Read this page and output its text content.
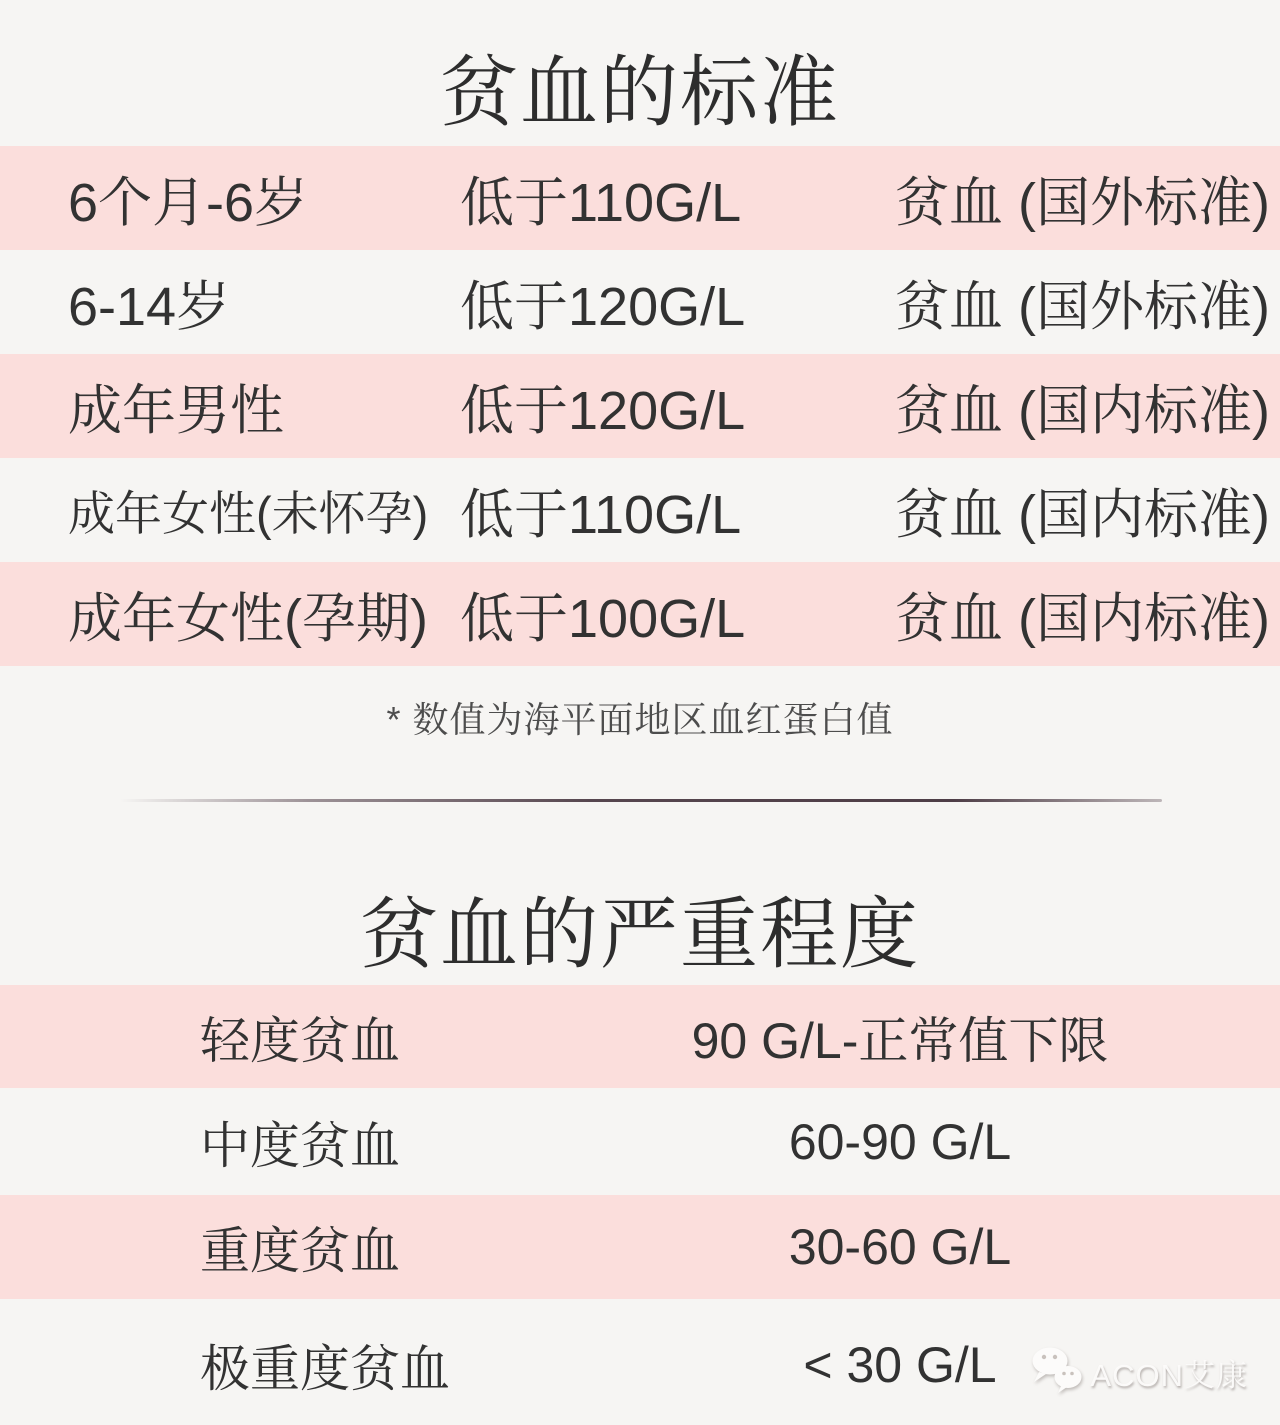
贫血的标准
6个月-6岁	低于110G/L	贫血 (国外标准)
6-14岁	低于120G/L	贫血 (国外标准)
成年男性	低于120G/L	贫血 (国内标准)
成年女性(未怀孕) 低于110G/L	贫血 (国内标准)
成年女性(孕期) 低于100G/L	贫血 (国内标准)
* 数值为海平面地区血红蛋白值
贫血的严重程度
轻度贫血	90 G/L-正常值下限
中度贫血	60-90 G/L
重度贫血	30-60 G/L
极重度贫血	< 30 G/L	ACON艾康
